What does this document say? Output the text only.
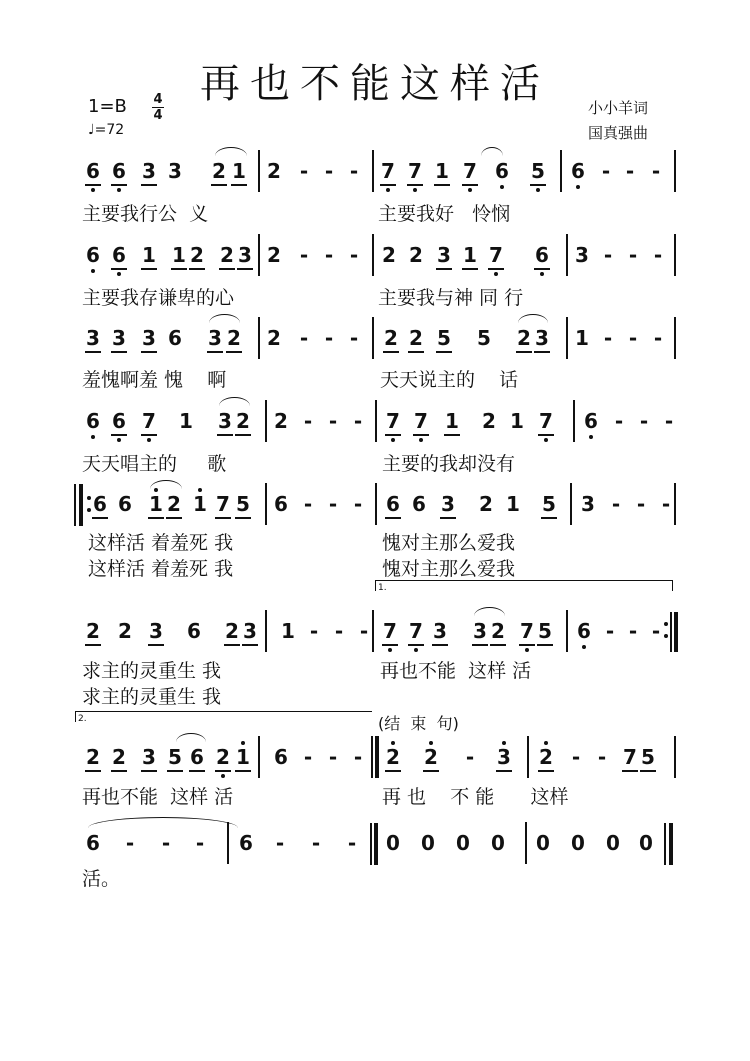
再也不能这样活
1=B 4
4
♩=72
小小羊词
国真强曲
主要我行公  义	主要我好   怜悯
主要我存谦卑的心	主要我与神 同 行
羞愧啊羞 愧    啊	天天说主的    话
天天唱主的     歌	主要的我却没有
这样活 着羞死 我	愧对主那么爱我
这样活 着羞死 我	愧对主那么爱我
求主的灵重生 我	再也不能  这样 活
求主的灵重生 我
再也不能  这样 活	再 也    不 能      这样
活。
1.
2.	(结  束  句)
6 6 3 3 2 1 2 - - - 7 7 1 7 6 5 6 - - -
6 6 1 1 2 2 3 2 - - - 2 2 3 1 7 6 3 - - -
3 3 3 6 3 2 2 - - - 2 2 5 5 2 3 1 - - -
6 6 7 1 3 2 2 - - - 7 7 1 2 1 7 6 - - -
6 6 1 2 1 7 5 6 - - - 6 6 3 2 1 5 3 - - -
2 2 3 6 2 3 1 - - - 7 7 3 3 2 7 5 6 - - -
2 2 3 5 6 2 1 6 - - - 2 2 - 3 2 - - 7 5
6 - - - 6 - - - 0 0 0 0 0 0 0 0
